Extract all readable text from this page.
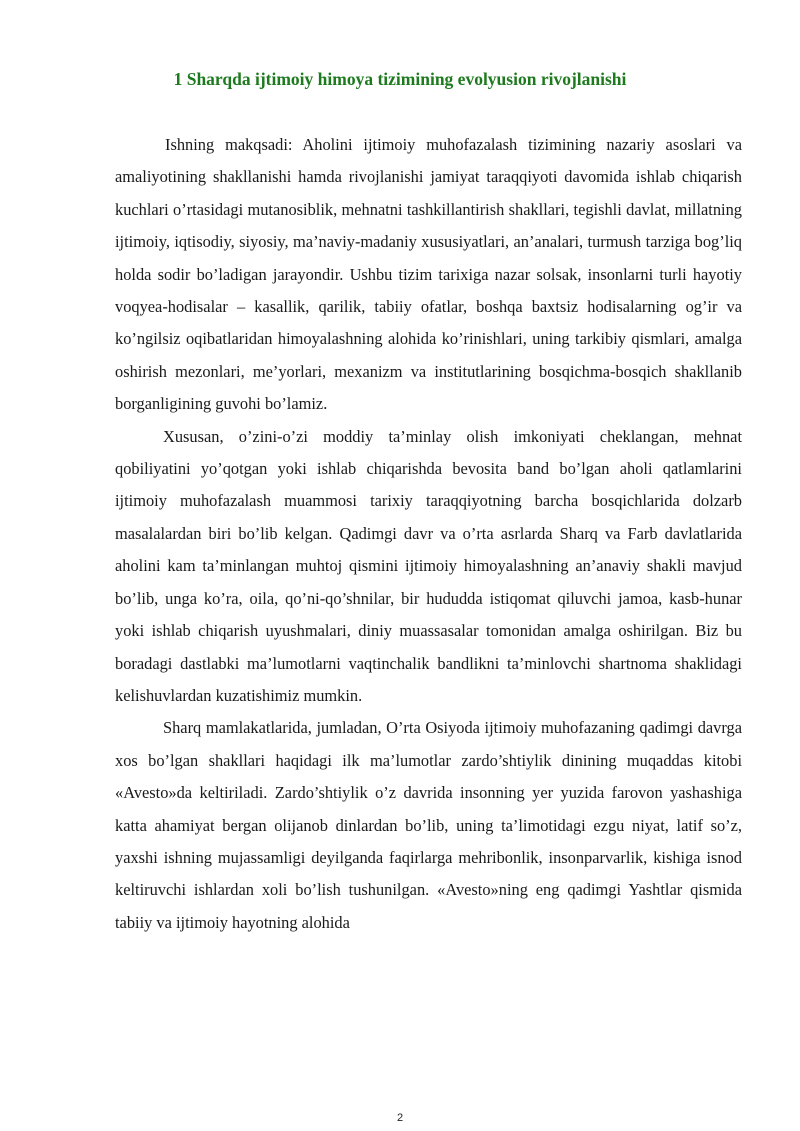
1 Sharqda ijtimoiy himoya tizimining evolyusion rivojlanishi

Ishning makqsadi: Aholini ijtimoiy muhofazalash tizimining nazariy asoslari va amaliyotining shakllanishi hamda rivojlanishi jamiyat taraqqiyoti davomida ishlab chiqarish kuchlari o’rtasidagi mutanosiblik, mehnatni tashkillantirish shakllari, tegishli davlat, millatning ijtimoiy, iqtisodiy, siyosiy, ma’naviy-madaniy xususiyatlari, an’analari, turmush tarziga bog’liq holda sodir bo’ladigan jarayondir. Ushbu tizim tarixiga nazar solsak, insonlarni turli hayotiy voqyea-hodisalar – kasallik, qarilik, tabiiy ofatlar, boshqa baxtsiz hodisalarning og’ir va ko’ngilsiz oqibatlaridan himoyalashning alohida ko’rinishlari, uning tarkibiy qismlari, amalga oshirish mezonlari, me’yorlari, mexanizm va institutlarining bosqichma-bosqich shakllanib borganligining guvohi bo’lamiz.

Xususan, o’zini-o’zi moddiy ta’minlay olish imkoniyati cheklangan, mehnat qobiliyatini yo’qotgan yoki ishlab chiqarishda bevosita band bo’lgan aholi qatlamlarini ijtimoiy muhofazalash muammosi tarixiy taraqqiyotning barcha bosqichlarida dolzarb masalalardan biri bo’lib kelgan. Qadimgi davr va o’rta asrlarda Sharq va Farb davlatlarida aholini kam ta’minlangan muhtoj qismini ijtimoiy himoyalashning an’anaviy shakli mavjud bo’lib, unga ko’ra, oila, qo’ni-qo’shnilar, bir hududda istiqomat qiluvchi jamoa, kasb-hunar yoki ishlab chiqarish uyushmalari, diniy muassasalar tomonidan amalga oshirilgan. Biz bu boradagi dastlabki ma’lumotlarni vaqtinchalik bandlikni ta’minlovchi shartnoma shaklidagi kelishuvlardan kuzatishimiz mumkin.

Sharq mamlakatlarida, jumladan, O’rta Osiyoda ijtimoiy muhofazaning qadimgi davrga xos bo’lgan shakllari haqidagi ilk ma’lumotlar zardo’shtiylik dinining muqaddas kitobi «Avesto»da keltiriladi. Zardo’shtiylik o’z davrida insonning yer yuzida farovon yashashiga katta ahamiyat bergan olijanob dinlardan bo’lib, uning ta’limotidagi ezgu niyat, latif so’z, yaxshi ishning mujassamligi deyilganda faqirlarga mehribonlik, insonparvarlik, kishiga isnod keltiruvchi ishlardan xoli bo’lish tushunilgan. «Avesto»ning eng qadimgi Yashtlar qismida tabiiy va ijtimoiy hayotning alohida

2
